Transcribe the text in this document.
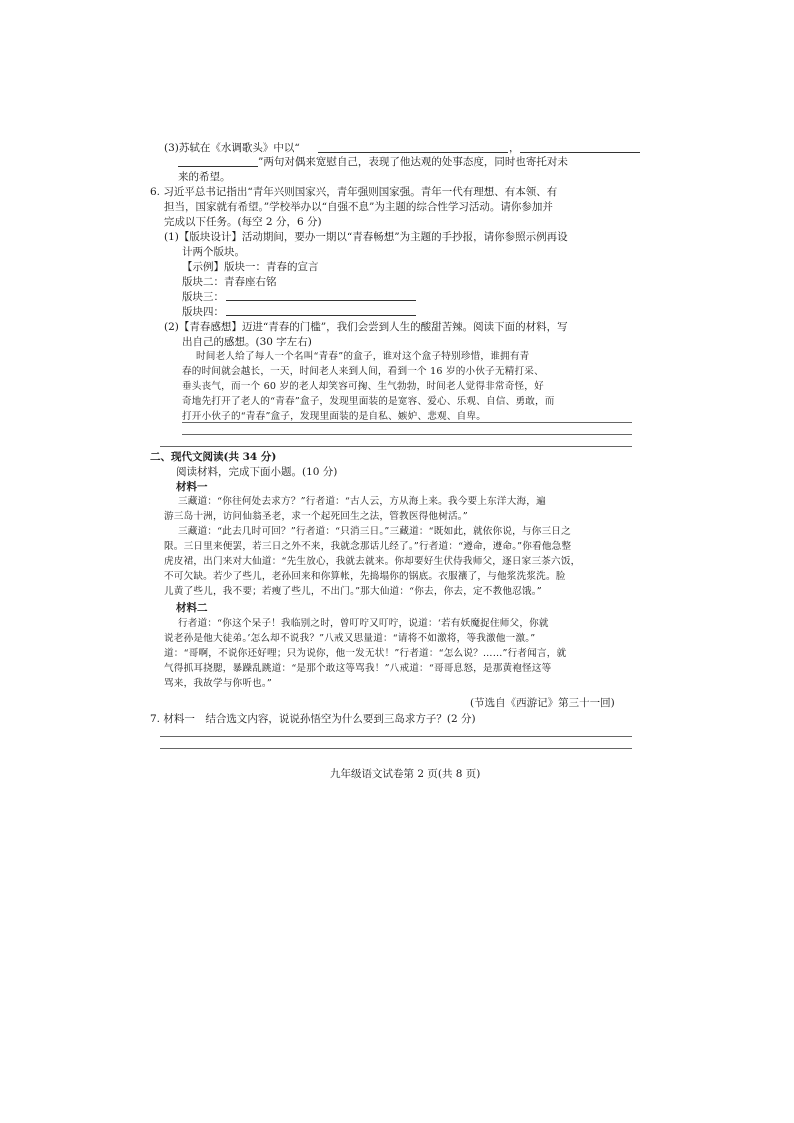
(3)苏轼在《水调歌头》中以“	，
”两句对偶来宽慰自己，表现了他达观的处事态度，同时也寄托对未
来的希望。
6. 习近平总书记指出“青年兴则国家兴，青年强则国家强。青年一代有理想、有本领、有
担当，国家就有希望。”学校举办以“自强不息”为主题的综合性学习活动。请你参加并
完成以下任务。(每空 2 分，6 分)
(1)【版块设计】活动期间，要办一期以“青春畅想”为主题的手抄报，请你参照示例再设
计两个版块。
【示例】版块一：青春的宣言
版块二：青春座右铭
版块三：
版块四：
(2)【青春感想】迈进“青春的门槛”，我们会尝到人生的酸甜苦辣。阅读下面的材料，写
出自己的感想。(30 字左右)
时间老人给了每人一个名叫“青春”的盒子，谁对这个盒子特别珍惜，谁拥有青
春的时间就会越长，一天，时间老人来到人间，看到一个 16 岁的小伙子无精打采、
垂头丧气，而一个 60 岁的老人却笑容可掬、生气勃勃，时间老人觉得非常奇怪，好
奇地先打开了老人的“青春”盒子，发现里面装的是宽容、爱心、乐观、自信、勇敢，而
打开小伙子的“青春”盒子，发现里面装的是自私、嫉妒、悲观、自卑。
二、现代文阅读(共 34 分)
阅读材料，完成下面小题。(10 分)
材料一
三藏道：“你往何处去求方？”行者道：“古人云，方从海上来。我今要上东洋大海，遍
游三岛十洲，访问仙翁圣老，求一个起死回生之法，管教医得他树活。”
三藏道：“此去几时可回？”行者道：“只消三日。”三藏道：“既如此，就依你说，与你三日之
限。三日里来便罢，若三日之外不来，我就念那话儿经了。”行者道：“遵命，遵命。”你看他急整
虎皮裙，出门来对大仙道：“先生放心，我就去就来。你却要好生伏侍我师父，逐日家三茶六饭，
不可欠缺。若少了些儿，老孙回来和你算帐，先捣塌你的锅底。衣服禳了，与他浆洗浆洗。脸
儿黄了些儿，我不要；若瘦了些儿，不出门。”那大仙道：“你去，你去，定不教他忍饿。”
材料二
行者道：“你这个呆子！我临别之时，曾叮咛又叮咛，说道：‘若有妖魔捉住师父，你就
说老孙是他大徒弟。’怎么却不说我？”八戒又思量道：“请将不如激将，等我激他一激。”
道：“哥啊，不说你还好哩；只为说你，他一发无状！”行者道：“怎么说？……”行者闻言，就
气得抓耳挠腮，暴躁乱跳道：“是那个敢这等骂我！”八戒道：“哥哥息怒，是那黄袍怪这等
骂来，我故学与你听也。”
(节选自《西游记》第三十一回)
7. 材料一　结合选文内容，说说孙悟空为什么要到三岛求方子？(2 分)
九年级语文试卷第 2 页(共 8 页)
